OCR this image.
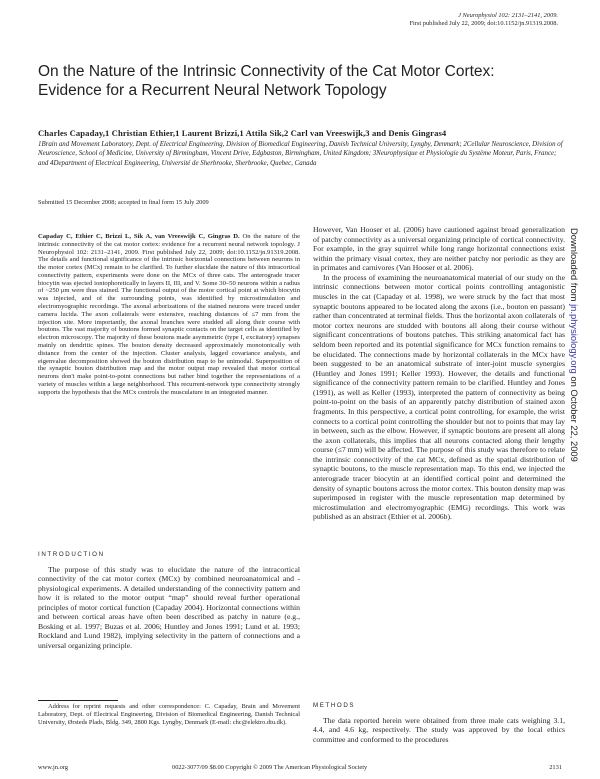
J Neurophysiol 102: 2131–2141, 2009.
First published July 22, 2009; doi:10.1152/jn.91319.2008.
On the Nature of the Intrinsic Connectivity of the Cat Motor Cortex: Evidence for a Recurrent Neural Network Topology
Charles Capaday,1 Christian Ethier,1 Laurent Brizzi,1 Attila Sik,2 Carl van Vreeswijk,3 and Denis Gingras4

1Brain and Movement Laboratory, Dept. of Electrical Engineering, Division of Biomedical Engineering, Danish Technical University, Lyngby, Denmark; 2Cellular Neuroscience, Division of Neuroscience, School of Medicine, University of Birmingham, Vincent Drive, Edgbaston, Birmingham, United Kingdom; 3Neurophysique et Physiologie du Système Moteur, Paris, France; and 4Department of Electrical Engineering, Université de Sherbrooke, Sherbrooke, Quebec, Canada

Submitted 15 December 2008; accepted in final form 15 July 2009

Capaday C, Ethier C, Brizzi L, Sik A, van Vreeswijk C, Gingras D. On the nature of the intrinsic connectivity of the cat motor cortex: evidence for a recurrent neural network topology. J Neurophysiol 102: 2131–2141, 2009. First published July 22, 2009; doi:10.1152/jn.91319.2008. The details and functional significance of the intrinsic horizontal connections between neurons in the motor cortex (MCx) remain to be clarified. To further elucidate the nature of this intracortical connectivity pattern, experiments were done on the MCx of three cats. The anterograde tracer biocytin was ejected iontophoretically in layers II, III, and V. Some 30–50 neurons within a radius of ~250 μm were thus stained. The functional output of the motor cortical point at which biocytin was injected, and of the surrounding points, was identified by microstimulation and electromyographic recordings. The axonal arborizations of the stained neurons were traced under camera lucida. The axon collaterals were extensive, reaching distances of ≤7 mm from the injection site. More importantly, the axonal branches were studded all along their course with boutons. The vast majority of boutons formed synaptic contacts on the target cells as identified by electron microscopy. The majority of these boutons made asymmetric (type I, excitatory) synapses mainly on dendritic spines. The bouton density decreased approximately monotonically with distance from the center of the injection. Cluster analysis, lagged covariance analysis, and eigenvalue decomposition showed the bouton distribution map to be unimodal. Superposition of the synaptic bouton distribution map and the motor output map revealed that motor cortical neurons don't make point-to-point connections but rather bind together the representations of a variety of muscles within a large neighborhood. This recurrent-network type connectivity strongly supports the hypothesis that the MCx controls the musculature in an integrated manner.

INTRODUCTION

The purpose of this study was to elucidate the nature of the intracortical connectivity of the cat motor cortex (MCx) by combined neuroanatomical and -physiological experiments. A detailed understanding of the connectivity pattern and how it is related to the motor output “map” should reveal further operational principles of motor cortical function (Capaday 2004). Horizontal connections within and between cortical areas have often been described as patchy in nature (e.g., Bosking et al. 1997; Buzas et al. 2006; Huntley and Jones 1991; Lund et al. 1993; Rockland and Lund 1982), implying selectivity in the pattern of connections and a universal organizing principle.

Address for reprint requests and other correspondence: C. Capaday, Brain and Movement Laboratory, Dept. of Electrical Engineering, Division of Biomedical Engineering, Danish Technical University, Ørsteds Plads, Bldg. 349, 2800 Kgs. Lyngby, Denmark (E-mail: chc@elektro.dtu.dk).

However, Van Hooser et al. (2006) have cautioned against broad generalization of patchy connectivity as a universal organizing principle of cortical connectivity. For example, in the gray squirrel while long range horizontal connections exist within the primary visual cortex, they are neither patchy nor periodic as they are in primates and carnivores (Van Hooser et al. 2006).
In the process of examining the neuroanatomical material of our study on the intrinsic connections between motor cortical points controlling antagonistic muscles in the cat (Capaday et al. 1998), we were struck by the fact that most synaptic boutons appeared to be located along the axons (i.e., bouton en passant) rather than concentrated at terminal fields. Thus the horizontal axon collaterals of motor cortex neurons are studded with boutons all along their course without significant concentrations of boutons patches. This striking anatomical fact has seldom been reported and its potential significance for MCx function remains to be elucidated. The connections made by horizontal collaterals in the MCx have been suggested to be an anatomical substrate of inter-joint muscle synergies (Huntley and Jones 1991; Keller 1993). However, the details and functional significance of the connectivity pattern remain to be clarified. Huntley and Jones (1991), as well as Keller (1993), interpreted the pattern of connectivity as being point-to-point on the basis of an apparently patchy distribution of stained axon fragments. In this perspective, a cortical point controlling, for example, the wrist connects to a cortical point controlling the shoulder but not to points that may lay in between, such as the elbow. However, if synaptic boutons are present all along the axon collaterals, this implies that all neurons contacted along their lengthy course (≤7 mm) will be affected. The purpose of this study was therefore to relate the intrinsic connectivity of the cat MCx, defined as the spatial distribution of synaptic boutons, to the muscle representation map. To this end, we injected the anterograde tracer biocytin at an identified cortical point and determined the density of synaptic boutons across the motor cortex. This bouton density map was superimposed in register with the muscle representation map determined by microstimulation and electromyographic (EMG) recordings. This work was published as an abstract (Ethier et al. 2006b).

METHODS

The data reported herein were obtained from three male cats weighing 3.1, 4.4, and 4.6 kg, respectively. The study was approved by the local ethics committee and conformed to the procedures

www.jn.org	0022-3077/09 $8.00 Copyright © 2009 The American Physiological Society	2131
Downloaded from jn.physiology.org on October 22, 2009
